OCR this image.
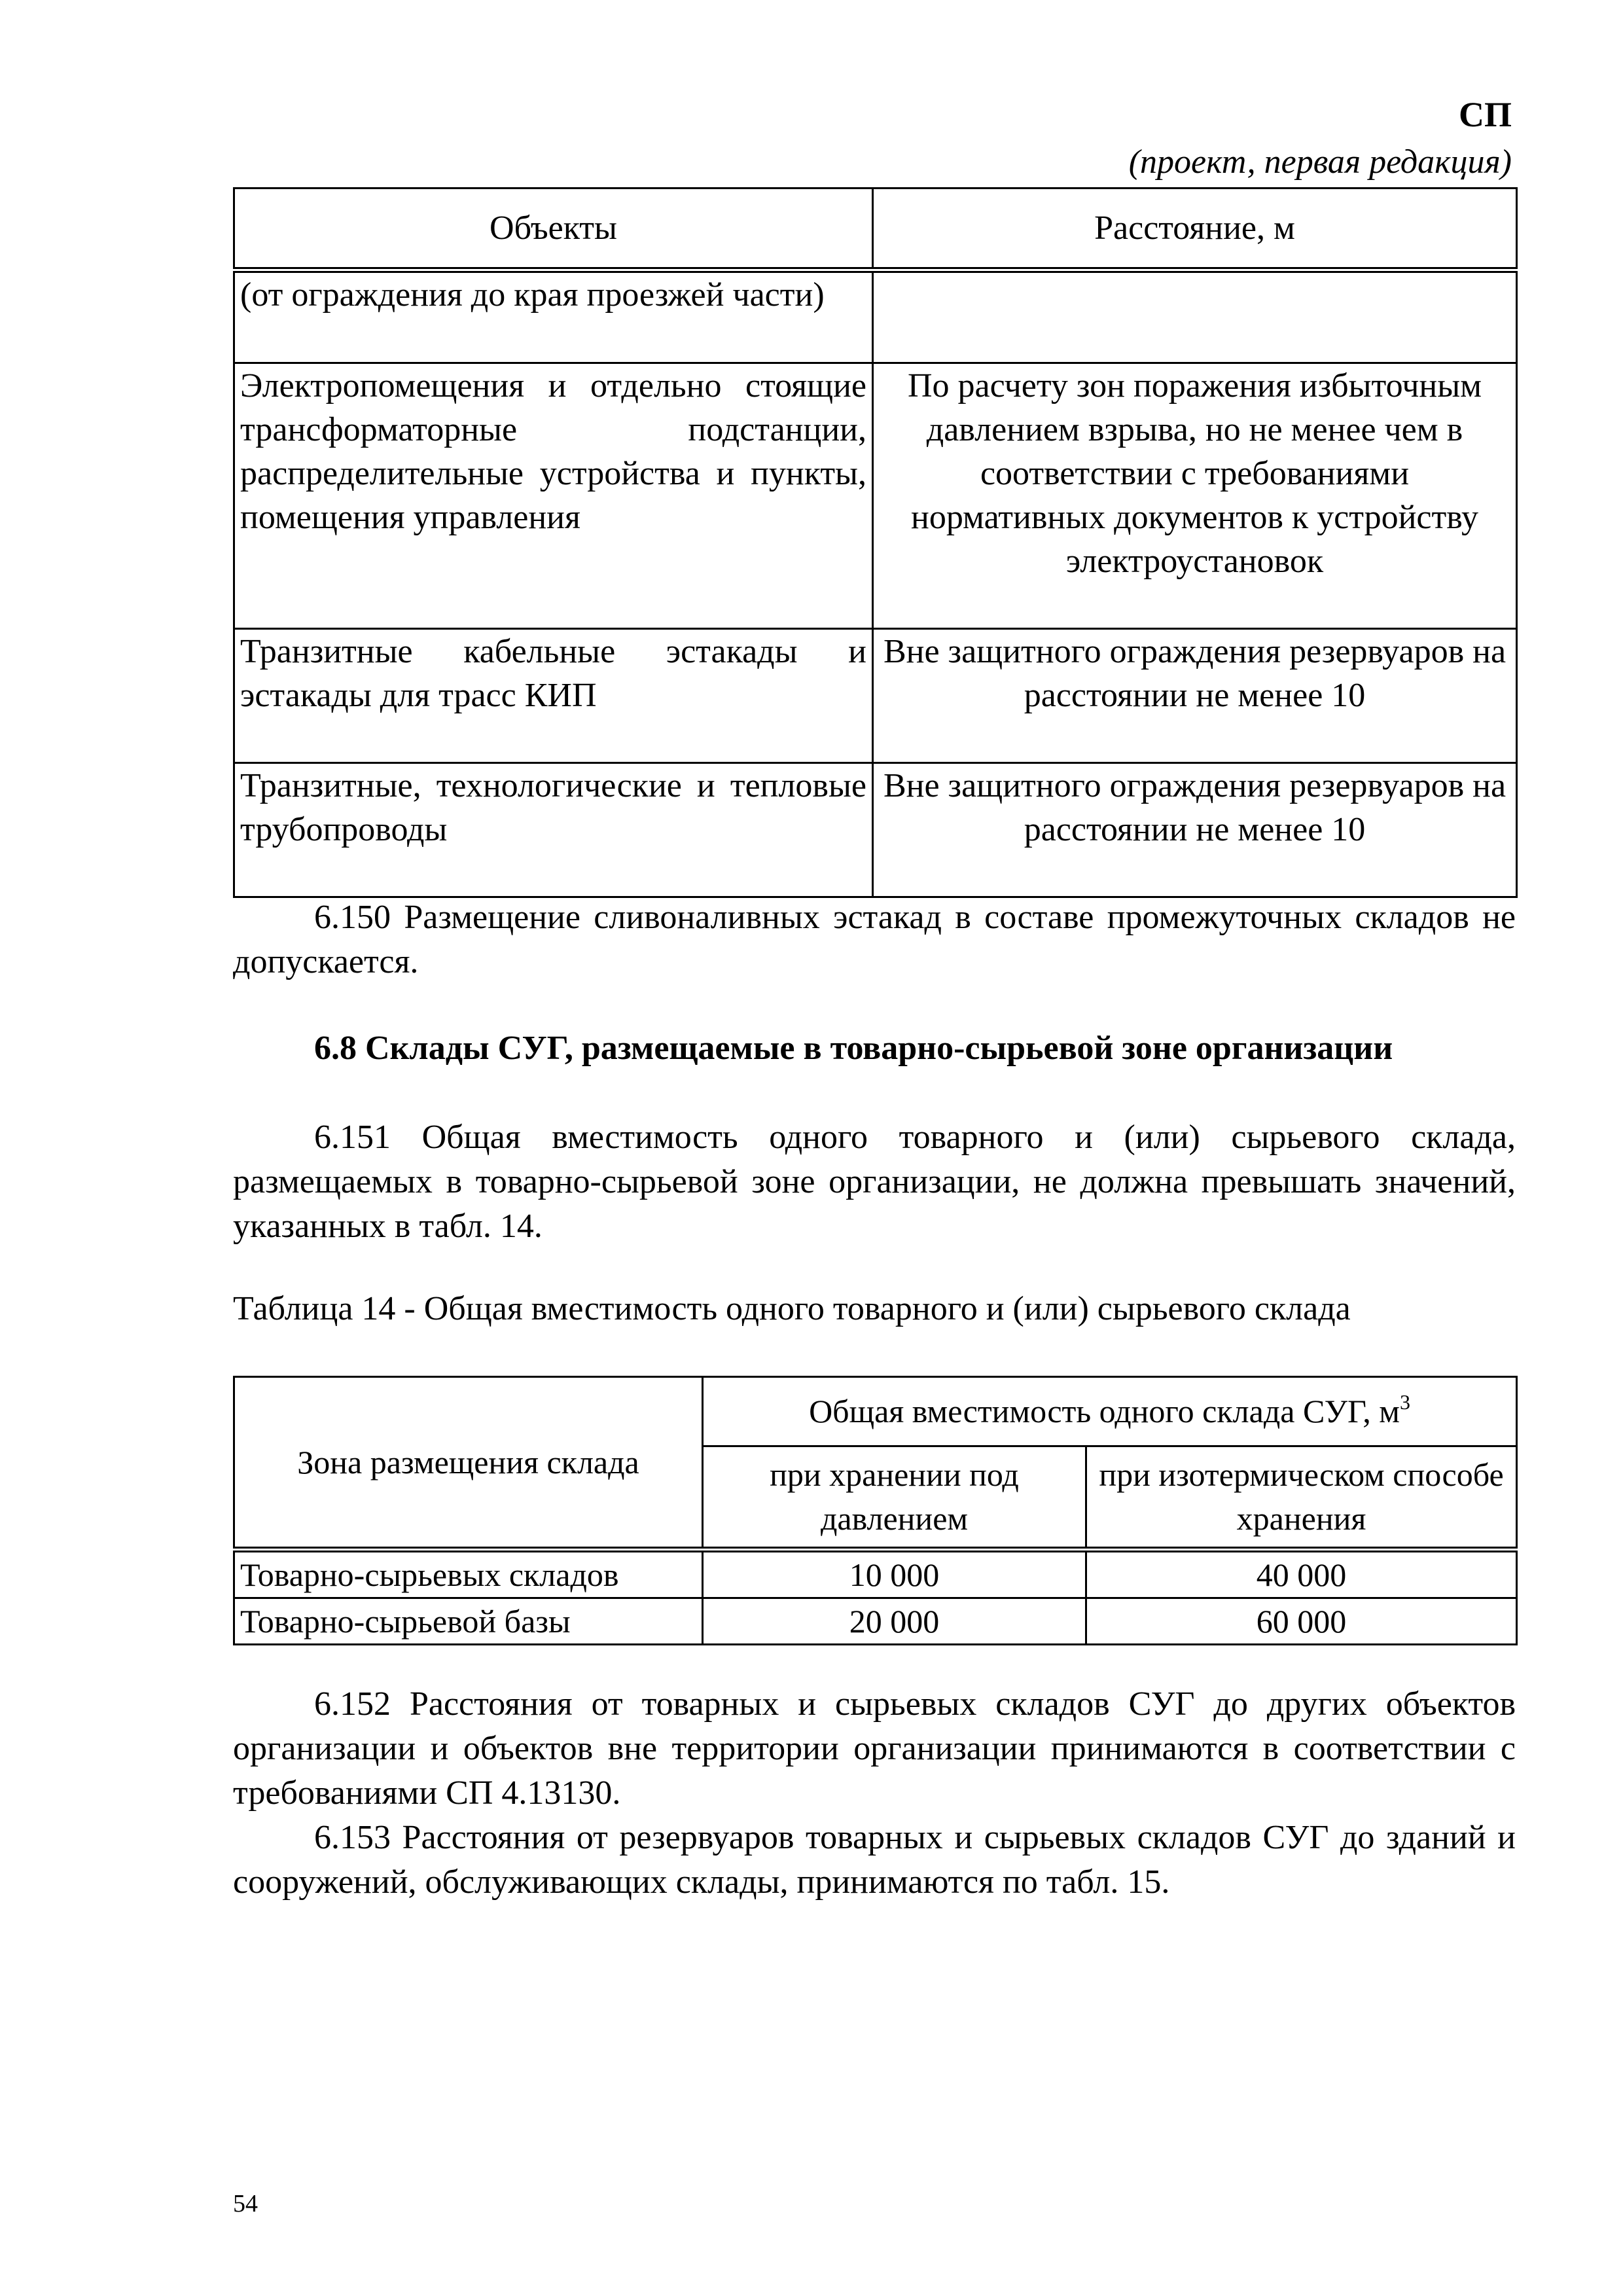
СП
(проект, первая редакция)
Объекты	Расстояние, м
(от ограждения до края проезжей части)	
Электропомещения и отдельно стоящие трансформаторные подстанции, распределительные устройства и пункты, помещения управления	По расчету зон поражения избыточным давлением взрыва, но не менее чем в соответствии с требованиями нормативных документов к устройству электроустановок
Транзитные кабельные эстакады и эстакады для трасс КИП	Вне защитного ограждения резервуаров на расстоянии не менее 10
Транзитные, технологические и тепловые трубопроводы	Вне защитного ограждения резервуаров на расстоянии не менее 10

6.150 Размещение сливоналивных эстакад в составе промежуточных складов не допускается.

6.8 Склады СУГ, размещаемые в товарно-сырьевой зоне организации

6.151 Общая вместимость одного товарного и (или) сырьевого склада, размещаемых в товарно-сырьевой зоне организации, не должна превышать значений, указанных в табл. 14.

Таблица 14 - Общая вместимость одного товарного и (или) сырьевого склада

Зона размещения склада	Общая вместимость одного склада СУГ, $м^3$
	при хранении под давлением	при изотермическом способе хранения
Товарно-сырьевых складов	10 000	40 000
Товарно-сырьевой базы	20 000	60 000

6.152 Расстояния от товарных и сырьевых складов СУГ до других объектов организации и объектов вне территории организации принимаются в соответствии с требованиями СП 4.13130.

6.153 Расстояния от резервуаров товарных и сырьевых складов СУГ до зданий и сооружений, обслуживающих склады, принимаются по табл. 15.

54
